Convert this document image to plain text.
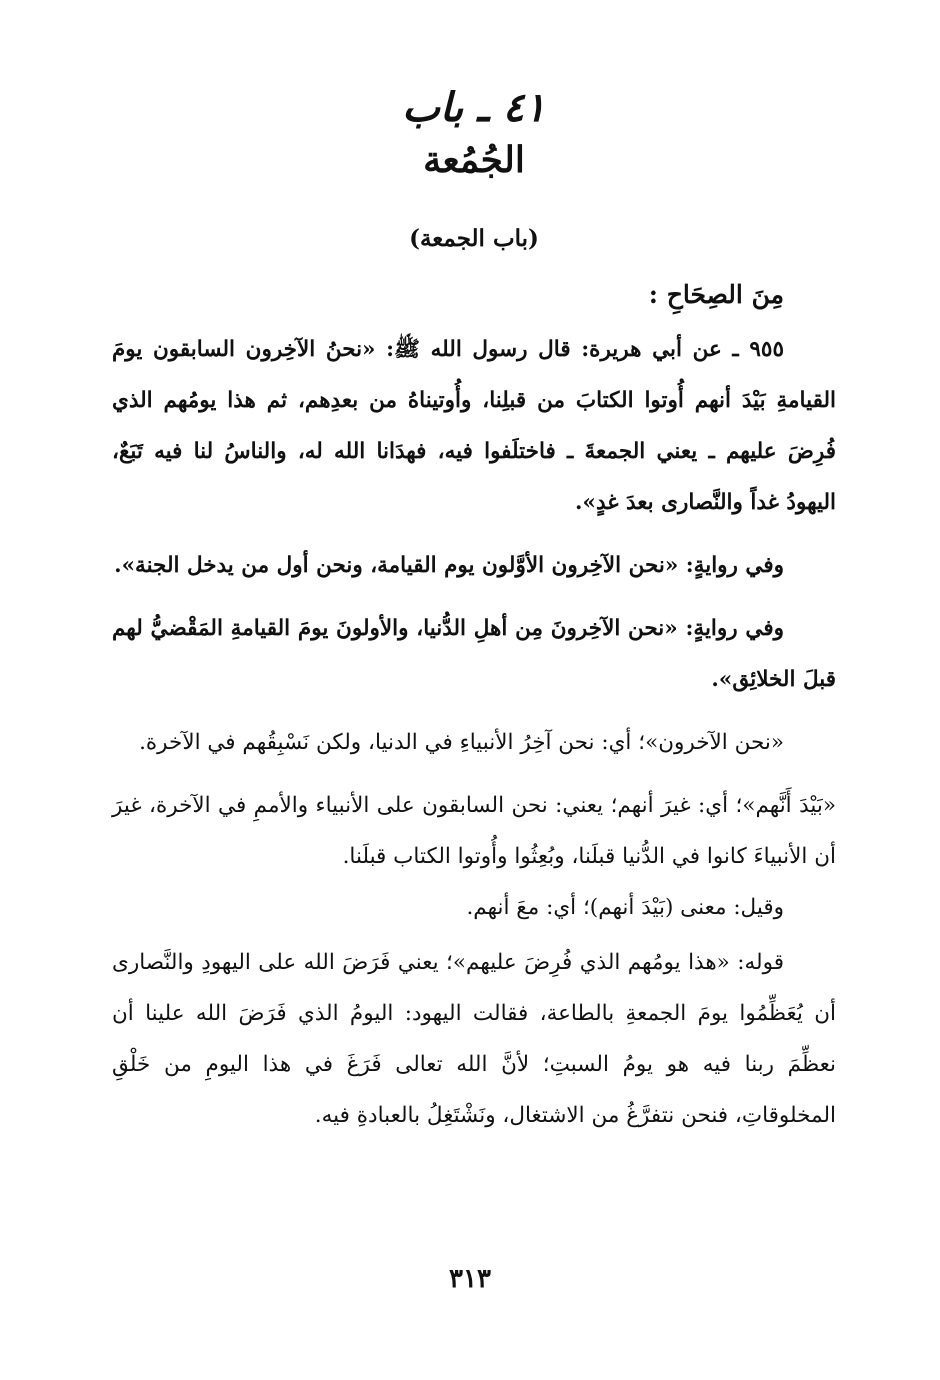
٤١ ـ باب
الجُمُعة
(باب الجمعة)
مِنَ الصِحَاحِ :

٩٥٥ ـ عن أبي هريرة: قال رسول الله ﷺ: «نحنُ الآخِرون السابقون يومَ القيامةِ بَيْدَ أنهم أُوتوا الكتابَ من قبلِنا، وأُوتيناهُ من بعدِهم، ثم هذا يومُهم الذي فُرِضَ عليهم ـ يعني الجمعةَ ـ فاختلَفوا فيه، فهدَانا الله له، والناسُ لنا فيه تَبَعٌ، اليهودُ غداً والنَّصارى بعدَ غدٍ».

وفي روايةٍ: «نحن الآخِرون الأوَّلون يوم القيامة، ونحن أول من يدخل الجنة».

وفي روايةٍ: «نحن الآخِرونَ مِن أهلِ الدُّنيا، والأولونَ يومَ القيامةِ المَقْضيُّ لهم قبلَ الخلائِق».

«نحن الآخرون»؛ أي: نحن آخِرُ الأنبياءِ في الدنيا، ولكن نَسْبِقُهم في الآخرة.

«بَيْدَ أَنَّهم»؛ أي: غيرَ أنهم؛ يعني: نحن السابقون على الأنبياء والأممِ في الآخرة، غيرَ أن الأنبياءَ كانوا في الدُّنيا قبلَنا، وبُعِثُوا وأُوتوا الكتاب قبلَنا.

وقيل: معنى (بَيْدَ أنهم)؛ أي: معَ أنهم.

قوله: «هذا يومُهم الذي فُرِضَ عليهم»؛ يعني فَرَضَ الله على اليهودِ والنَّصارى أن يُعَظِّمُوا يومَ الجمعةِ بالطاعة، فقالت اليهود: اليومُ الذي فَرَضَ الله علينا أن نعظِّمَ ربنا فيه هو يومُ السبتِ؛ لأنَّ الله تعالى فَرَغَ في هذا اليومِ من خَلْقِ المخلوقاتِ، فنحن نتفرَّغُ من الاشتغال، ونَشْتَغِلُ بالعبادةِ فيه.

٣١٣
